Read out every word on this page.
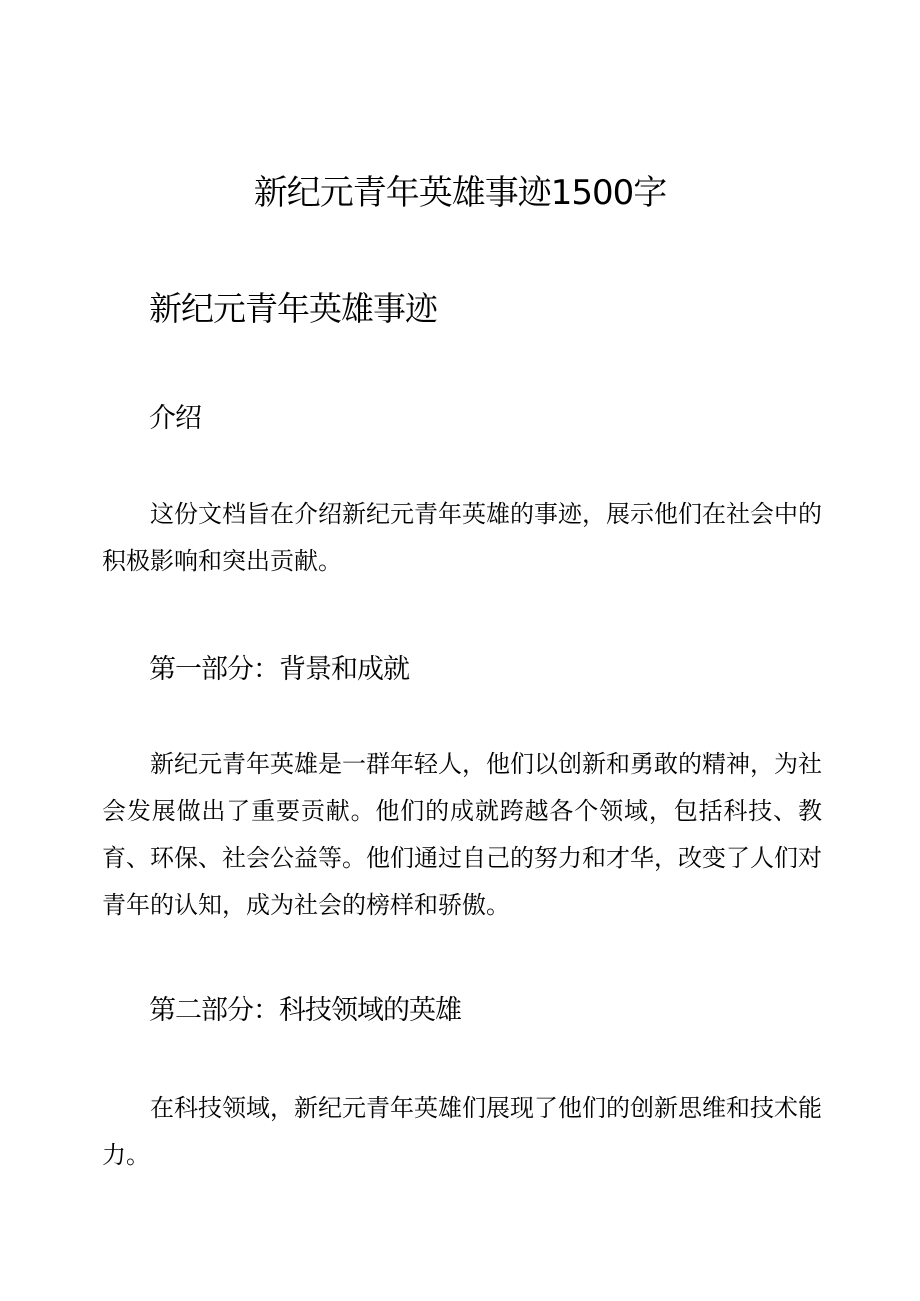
新纪元青年英雄事迹1500字
新纪元青年英雄事迹
介绍

这份文档旨在介绍新纪元青年英雄的事迹，展示他们在社会中的积极影响和突出贡献。

第一部分：背景和成就

新纪元青年英雄是一群年轻人，他们以创新和勇敢的精神，为社会发展做出了重要贡献。他们的成就跨越各个领域，包括科技、教育、环保、社会公益等。他们通过自己的努力和才华，改变了人们对青年的认知，成为社会的榜样和骄傲。

第二部分：科技领域的英雄

在科技领域，新纪元青年英雄们展现了他们的创新思维和技术能力。
